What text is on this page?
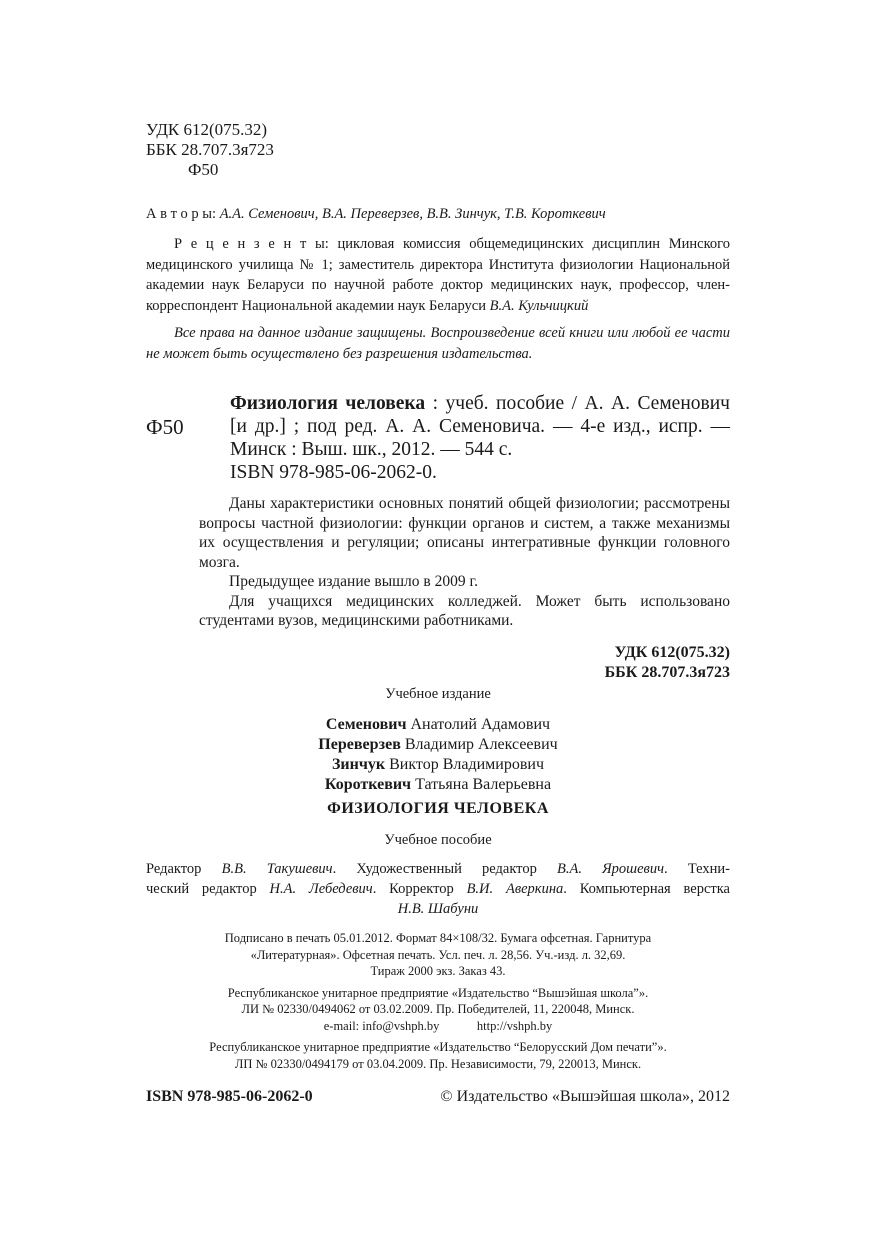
УДК 612(075.32)
ББК 28.707.3я723
Ф50
А в т о р ы: А.А. Семенович, В.А. Переверзев, В.В. Зинчук, Т.В. Короткевич
Р е ц е н з е н т ы: цикловая комиссия общемедицинских дисциплин Минского медицинского училища № 1; заместитель директора Института физиологии Национальной академии наук Беларуси по научной работе доктор медицинских наук, профессор, член-корреспондент Национальной академии наук Беларуси В.А. Кульчицкий
Все права на данное издание защищены. Воспроизведение всей книги или любой ее части не может быть осуществлено без разрешения издательства.
Ф50
Физиология человека : учеб. пособие / А. А. Семенович [и др.] ; под ред. А. А. Семеновича. — 4-е изд., испр. — Минск : Выш. шк., 2012. — 544 с.
ISBN 978-985-06-2062-0.

Даны характеристики основных понятий общей физиологии; рассмотрены вопросы частной физиологии: функции органов и систем, а также механизмы их осуществления и регуляции; описаны интегративные функции головного мозга.

Предыдущее издание вышло в 2009 г.

Для учащихся медицинских колледжей. Может быть использовано студентами вузов, медицинскими работниками.

УДК 612(075.32)
ББК 28.707.3я723
Учебное издание
Семенович Анатолий Адамович
Переверзев Владимир Алексеевич
Зинчук Виктор Владимирович
Короткевич Татьяна Валерьевна
ФИЗИОЛОГИЯ ЧЕЛОВЕКА
Учебное пособие
Редактор В.В. Такушевич. Художественный редактор В.А. Ярошевич. Техни-
ческий редактор Н.А. Лебедевич. Корректор В.И. Аверкина. Компьютерная верстка
Н.В. Шабуни
Подписано в печать 05.01.2012. Формат 84×108/32. Бумага офсетная. Гарнитура
«Литературная». Офсетная печать. Усл. печ. л. 28,56. Уч.-изд. л. 32,69.
Тираж 2000 экз. Заказ 43.
Республиканское унитарное предприятие «Издательство “Вышэйшая школа”».
ЛИ № 02330/0494062 от 03.02.2009. Пр. Победителей, 11, 220048, Минск.
e-mail: info@vshph.by            http://vshph.by
Республиканское унитарное предприятие «Издательство “Белорусский Дом печати”».
ЛП № 02330/0494179 от 03.04.2009. Пр. Независимости, 79, 220013, Минск.
ISBN 978-985-06-2062-0	© Издательство «Вышэйшая школа», 2012
